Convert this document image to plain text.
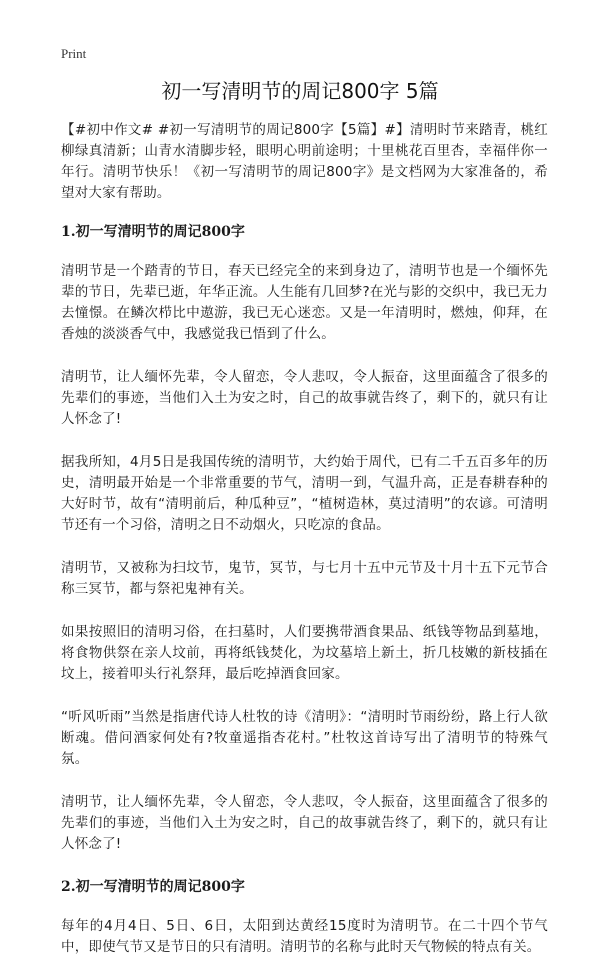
Print
初一写清明节的周记800字 5篇

【#初中作文# #初一写清明节的周记800字【5篇】#】清明时节来踏青，桃红柳绿真清新；山青水清脚步轻，眼明心明前途明；十里桃花百里杏，幸福伴你一年行。清明节快乐！《初一写清明节的周记800字》是文档网为大家准备的，希望对大家有帮助。

1.初一写清明节的周记800字

清明节是一个踏青的节日，春天已经完全的来到身边了，清明节也是一个缅怀先辈的节日，先辈已逝，年华正流。人生能有几回梦?在光与影的交织中，我已无力去憧憬。在鳞次栉比中遨游，我已无心迷恋。又是一年清明时，燃烛，仰拜，在香烛的淡淡香气中，我感觉我已悟到了什么。

清明节，让人缅怀先辈，令人留恋，令人悲叹，令人振奋，这里面蕴含了很多的先辈们的事迹，当他们入土为安之时，自己的故事就告终了，剩下的，就只有让人怀念了!

据我所知，4月5日是我国传统的清明节，大约始于周代，已有二千五百多年的历史，清明最开始是一个非常重要的节气，清明一到，气温升高，正是春耕春种的大好时节，故有“清明前后，种瓜种豆”，“植树造林，莫过清明”的农谚。可清明节还有一个习俗，清明之日不动烟火，只吃凉的食品。

清明节，又被称为扫坟节，鬼节，冥节，与七月十五中元节及十月十五下元节合称三冥节，都与祭祀鬼神有关。

如果按照旧的清明习俗，在扫墓时，人们要携带酒食果品、纸钱等物品到墓地，将食物供祭在亲人坟前，再将纸钱焚化，为坟墓培上新土，折几枝嫩的新枝插在坟上，接着叩头行礼祭拜，最后吃掉酒食回家。

“听风听雨”当然是指唐代诗人杜牧的诗《清明》：“清明时节雨纷纷，路上行人欲断魂。借问酒家何处有?牧童遥指杏花村。”杜牧这首诗写出了清明节的特殊气氛。

清明节，让人缅怀先辈，令人留恋，令人悲叹，令人振奋，这里面蕴含了很多的先辈们的事迹，当他们入土为安之时，自己的故事就告终了，剩下的，就只有让人怀念了!

2.初一写清明节的周记800字

每年的4月4日、5日、6日，太阳到达黄经15度时为清明节。在二十四个节气中，即使气节又是节日的只有清明。清明节的名称与此时天气物候的特点有关。
